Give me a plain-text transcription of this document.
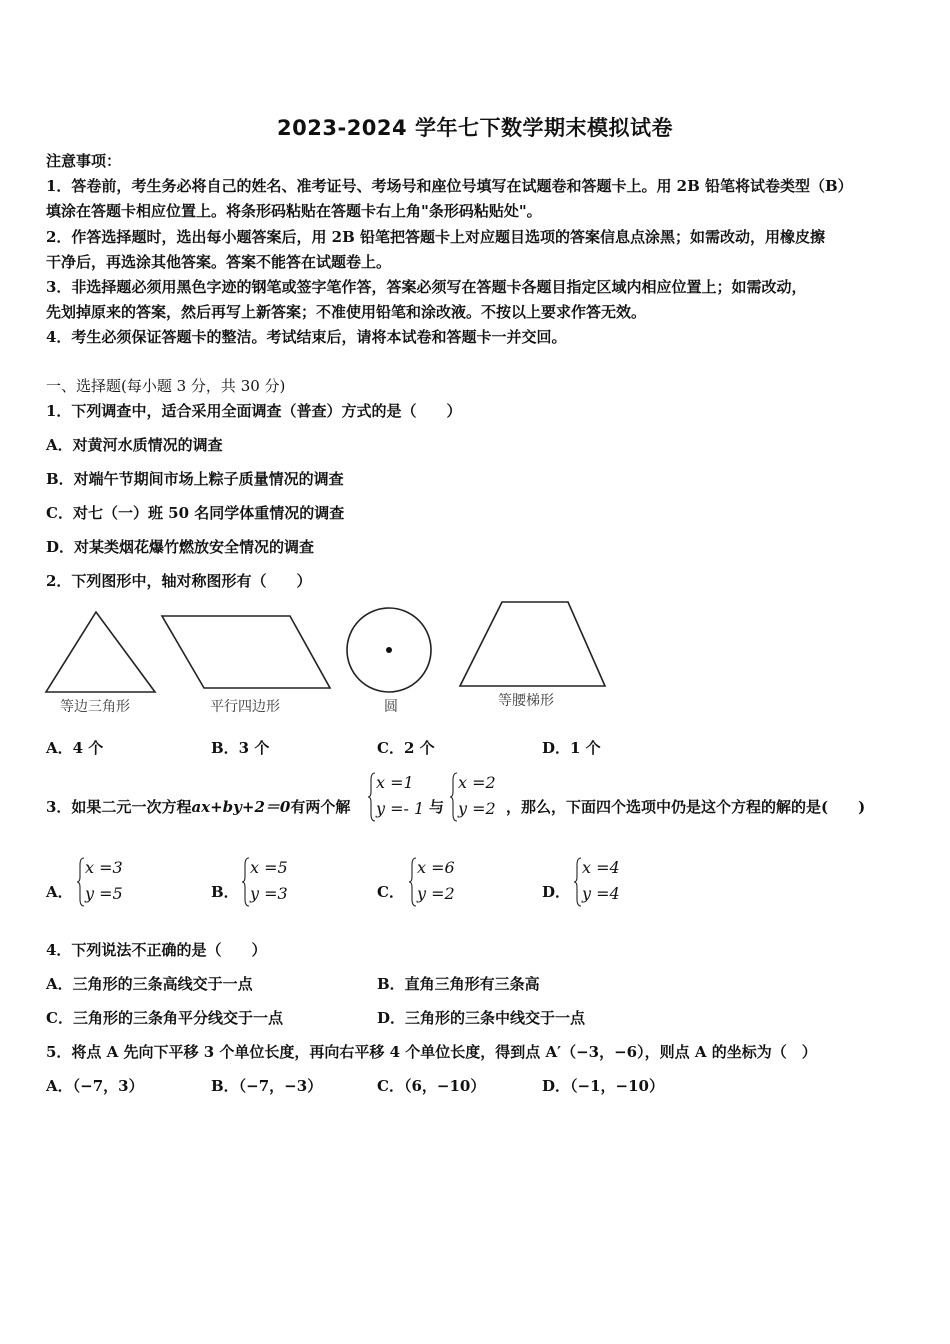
2023-2024 学年七下数学期末模拟试卷
注意事项：
1．答卷前，考生务必将自己的姓名、准考证号、考场号和座位号填写在试题卷和答题卡上。用 2B 铅笔将试卷类型（B）
填涂在答题卡相应位置上。将条形码粘贴在答题卡右上角"条形码粘贴处"。
2．作答选择题时，选出每小题答案后，用 2B 铅笔把答题卡上对应题目选项的答案信息点涂黑；如需改动，用橡皮擦
干净后，再选涂其他答案。答案不能答在试题卷上。
3．非选择题必须用黑色字迹的钢笔或签字笔作答，答案必须写在答题卡各题目指定区域内相应位置上；如需改动，
先划掉原来的答案，然后再写上新答案；不准使用铅笔和涂改液。不按以上要求作答无效。
4．考生必须保证答题卡的整洁。考试结束后，请将本试卷和答题卡一并交回。
一、选择题(每小题 3 分，共 30 分)
1．下列调查中，适合采用全面调查（普查）方式的是（　　）
A．对黄河水质情况的调查
B．对端午节期间市场上粽子质量情况的调查
C．对七（一）班 50 名同学体重情况的调查
D．对某类烟花爆竹燃放安全情况的调查
2．下列图形中，轴对称图形有（　　）
等边三角形	平行四边形	圆	等腰梯形
A．4 个	B．3 个	C．2 个	D．1 个
3．如果二元一次方程ax+by+2＝0有两个解
x =1
y =- 1 与
x =2
y =2 ，那么，下面四个选项中仍是这个方程的解的是(　　)
A．
x =3
y =5	B．
x =5
y =3	C．
x =6
y =2	D．
x =4
y =4
4．下列说法不正确的是（　　）
A．三角形的三条高线交于一点	B．直角三角形有三条高
C．三角形的三条角平分线交于一点	D．三角形的三条中线交于一点
5．将点 A 先向下平移 3 个单位长度，再向右平移 4 个单位长度，得到点 A′（−3，−6），则点 A 的坐标为（　）
A．（−7，3）	B．（−7，−3）	C．（6，−10）	D．（−1，−10）
